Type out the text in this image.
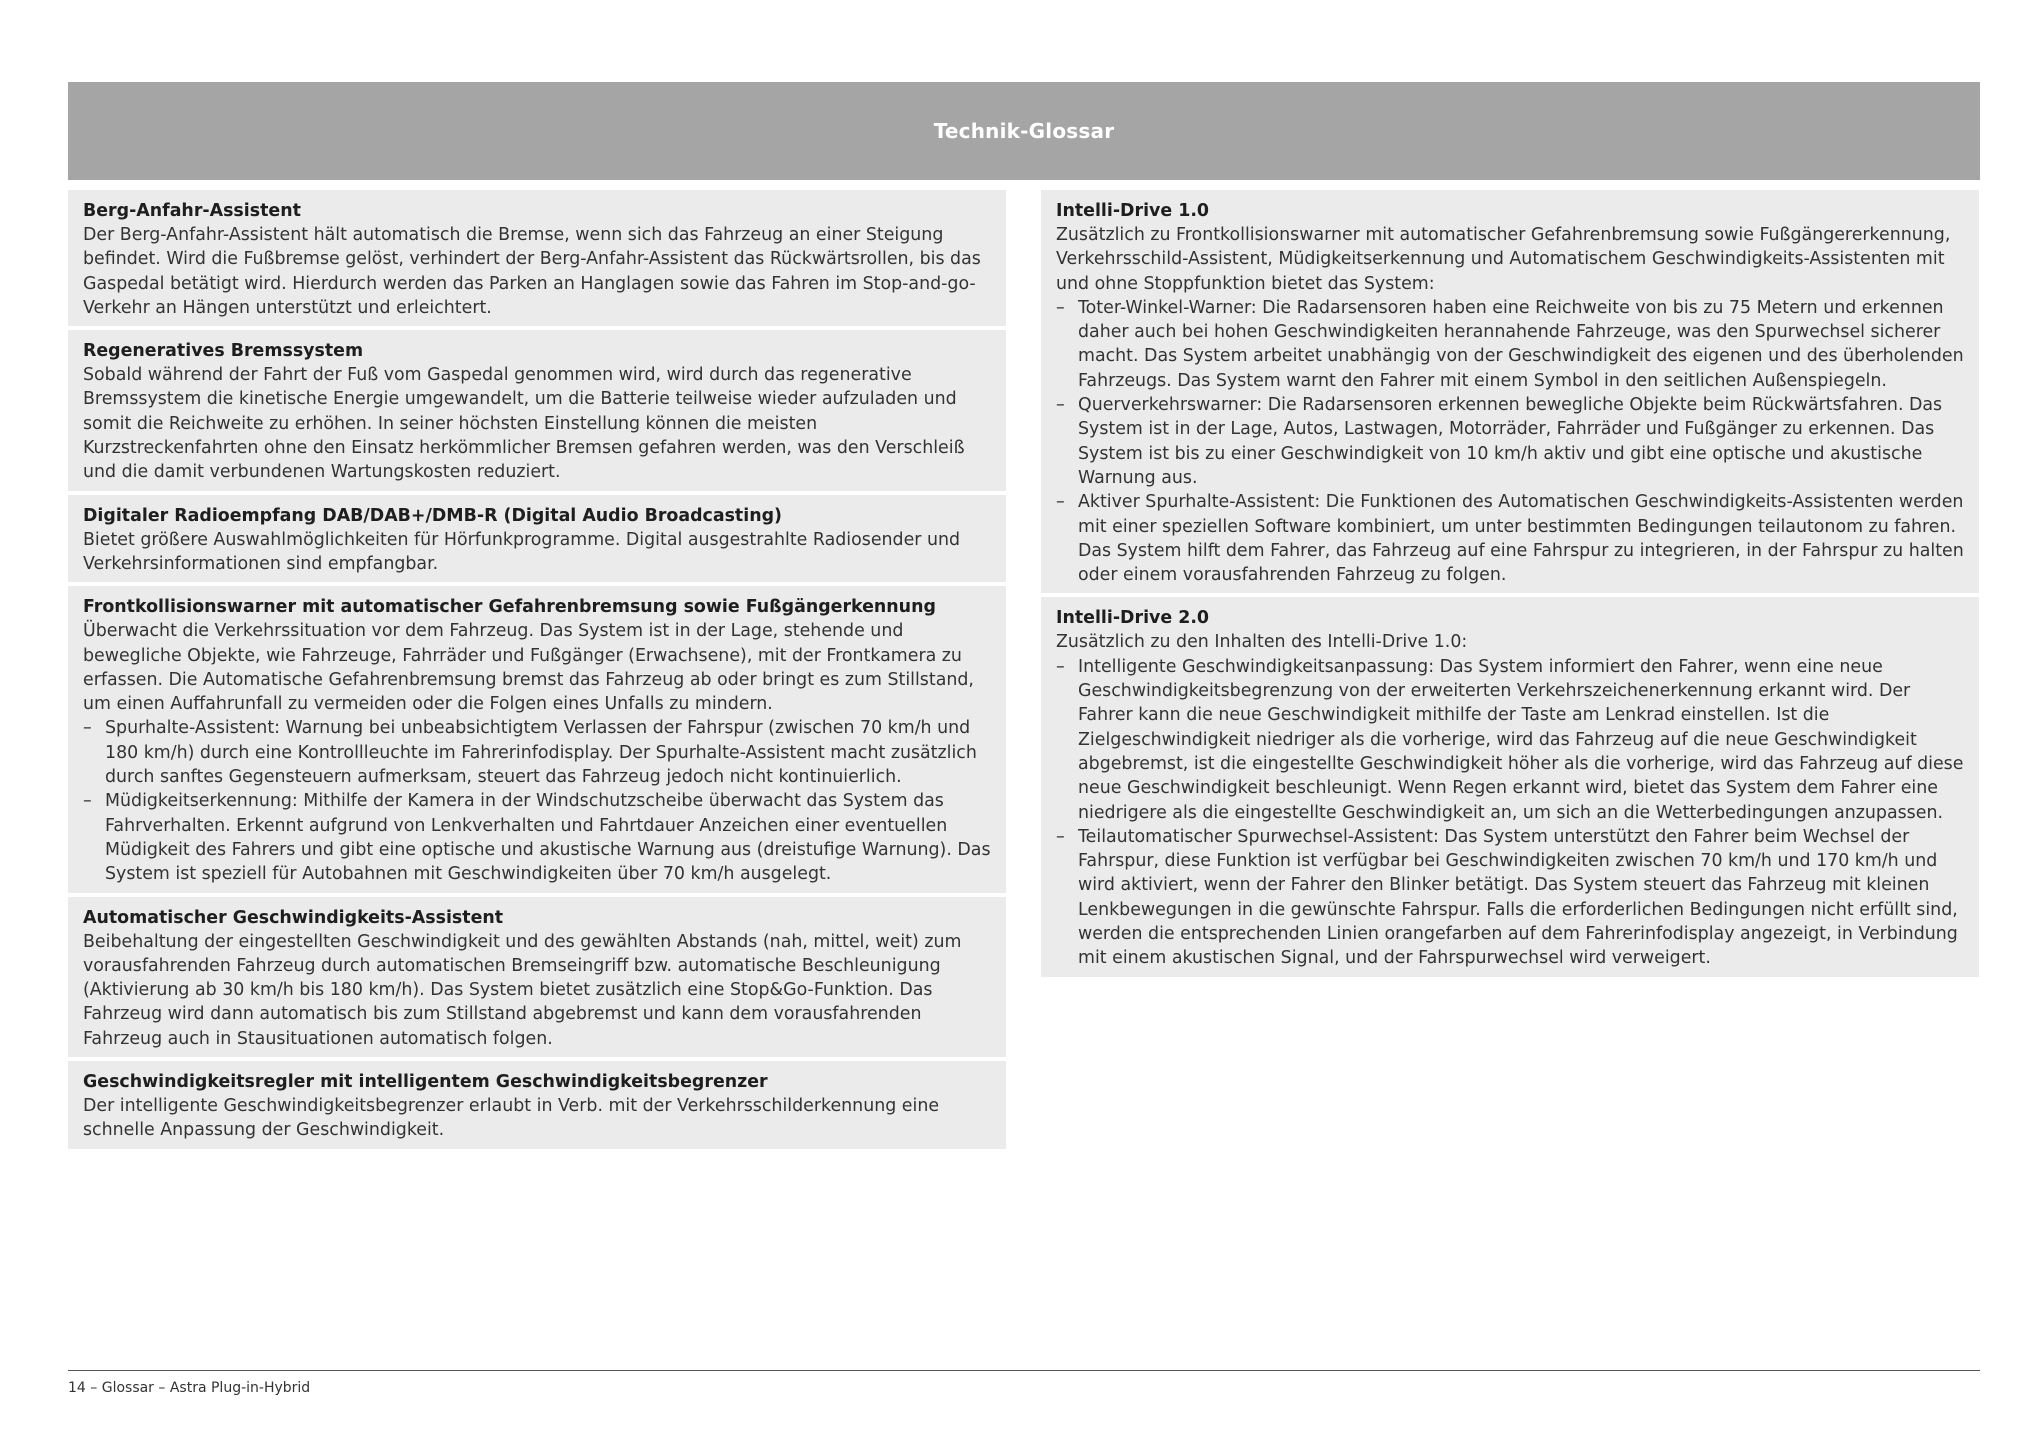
Technik-Glossar
Berg-Anfahr-Assistent
Der Berg-Anfahr-Assistent hält automatisch die Bremse, wenn sich das Fahrzeug an einer Steigung befindet. Wird die Fußbremse gelöst, verhindert der Berg-Anfahr-Assistent das Rückwärtsrollen, bis das Gaspedal betätigt wird. Hierdurch werden das Parken an Hanglagen sowie das Fahren im Stop-and-go-Verkehr an Hängen unterstützt und erleichtert.
Regeneratives Bremssystem
Sobald während der Fahrt der Fuß vom Gaspedal genommen wird, wird durch das regenerative Bremssystem die kinetische Energie umgewandelt, um die Batterie teilweise wieder aufzuladen und somit die Reichweite zu erhöhen. In seiner höchsten Einstellung können die meisten Kurzstreckenfahrten ohne den Einsatz herkömmlicher Bremsen gefahren werden, was den Verschleiß und die damit verbundenen Wartungskosten reduziert.
Digitaler Radioempfang DAB/DAB+/DMB-R (Digital Audio Broadcasting)
Bietet größere Auswahlmöglichkeiten für Hörfunkprogramme. Digital ausgestrahlte Radiosender und Verkehrsinformationen sind empfangbar.
Frontkollisionswarner mit automatischer Gefahrenbremsung sowie Fußgängerkennung
Überwacht die Verkehrssituation vor dem Fahrzeug. Das System ist in der Lage, stehende und bewegliche Objekte, wie Fahrzeuge, Fahrräder und Fußgänger (Erwachsene), mit der Frontkamera zu erfassen. Die Automatische Gefahrenbremsung bremst das Fahrzeug ab oder bringt es zum Stillstand, um einen Auffahrunfall zu vermeiden oder die Folgen eines Unfalls zu mindern.
– Spurhalte-Assistent: Warnung bei unbeabsichtigtem Verlassen der Fahrspur (zwischen 70 km/h und 180 km/h) durch eine Kontrollleuchte im Fahrerinfodisplay. Der Spurhalte-Assistent macht zusätzlich durch sanftes Gegensteuern aufmerksam, steuert das Fahrzeug jedoch nicht kontinuierlich.
– Müdigkeitserkennung: Mithilfe der Kamera in der Windschutzscheibe überwacht das System das Fahrverhalten. Erkennt aufgrund von Lenkverhalten und Fahrtdauer Anzeichen einer eventuellen Müdigkeit des Fahrers und gibt eine optische und akustische Warnung aus (dreistufige Warnung). Das System ist speziell für Autobahnen mit Geschwindigkeiten über 70 km/h ausgelegt.
Automatischer Geschwindigkeits-Assistent
Beibehaltung der eingestellten Geschwindigkeit und des gewählten Abstands (nah, mittel, weit) zum vorausfahrenden Fahrzeug durch automatischen Bremseingriff bzw. automatische Beschleunigung (Aktivierung ab 30 km/h bis 180 km/h). Das System bietet zusätzlich eine Stop&Go-Funktion. Das Fahrzeug wird dann automatisch bis zum Stillstand abgebremst und kann dem vorausfahrenden Fahrzeug auch in Stausituationen automatisch folgen.
Geschwindigkeitsregler mit intelligentem Geschwindigkeitsbegrenzer
Der intelligente Geschwindigkeitsbegrenzer erlaubt in Verb. mit der Verkehrsschilderkennung eine schnelle Anpassung der Geschwindigkeit.
Intelli-Drive 1.0
Zusätzlich zu Frontkollisionswarner mit automatischer Gefahrenbremsung sowie Fußgängererkennung, Verkehrsschild-Assistent, Müdigkeitserkennung und Automatischem Geschwindigkeits-Assistenten mit und ohne Stoppfunktion bietet das System:
– Toter-Winkel-Warner: Die Radarsensoren haben eine Reichweite von bis zu 75 Metern und erkennen daher auch bei hohen Geschwindigkeiten herannahende Fahrzeuge, was den Spurwechsel sicherer macht. Das System arbeitet unabhängig von der Geschwindigkeit des eigenen und des überholenden Fahrzeugs. Das System warnt den Fahrer mit einem Symbol in den seitlichen Außenspiegeln.
– Querverkehrswarner: Die Radarsensoren erkennen bewegliche Objekte beim Rückwärtsfahren. Das System ist in der Lage, Autos, Lastwagen, Motorräder, Fahrräder und Fußgänger zu erkennen. Das System ist bis zu einer Geschwindigkeit von 10 km/h aktiv und gibt eine optische und akustische Warnung aus.
– Aktiver Spurhalte-Assistent: Die Funktionen des Automatischen Geschwindigkeits-Assistenten werden mit einer speziellen Software kombiniert, um unter bestimmten Bedingungen teilautonom zu fahren. Das System hilft dem Fahrer, das Fahrzeug auf eine Fahrspur zu integrieren, in der Fahrspur zu halten oder einem vorausfahrenden Fahrzeug zu folgen.
Intelli-Drive 2.0
Zusätzlich zu den Inhalten des Intelli-Drive 1.0:
– Intelligente Geschwindigkeitsanpassung: Das System informiert den Fahrer, wenn eine neue Geschwindigkeitsbegrenzung von der erweiterten Verkehrszeichenerkennung erkannt wird. Der Fahrer kann die neue Geschwindigkeit mithilfe der Taste am Lenkrad einstellen. Ist die Zielgeschwindigkeit niedriger als die vorherige, wird das Fahrzeug auf die neue Geschwindigkeit abgebremst, ist die eingestellte Geschwindigkeit höher als die vorherige, wird das Fahrzeug auf diese neue Geschwindigkeit beschleunigt. Wenn Regen erkannt wird, bietet das System dem Fahrer eine niedrigere als die eingestellte Geschwindigkeit an, um sich an die Wetterbedingungen anzupassen.
– Teilautomatischer Spurwechsel-Assistent: Das System unterstützt den Fahrer beim Wechsel der Fahrspur, diese Funktion ist verfügbar bei Geschwindigkeiten zwischen 70 km/h und 170 km/h und wird aktiviert, wenn der Fahrer den Blinker betätigt. Das System steuert das Fahrzeug mit kleinen Lenkbewegungen in die gewünschte Fahrspur. Falls die erforderlichen Bedingungen nicht erfüllt sind, werden die entsprechenden Linien orangefarben auf dem Fahrerinfodisplay angezeigt, in Verbindung mit einem akustischen Signal, und der Fahrspurwechsel wird verweigert.
14 – Glossar – Astra Plug-in-Hybrid
